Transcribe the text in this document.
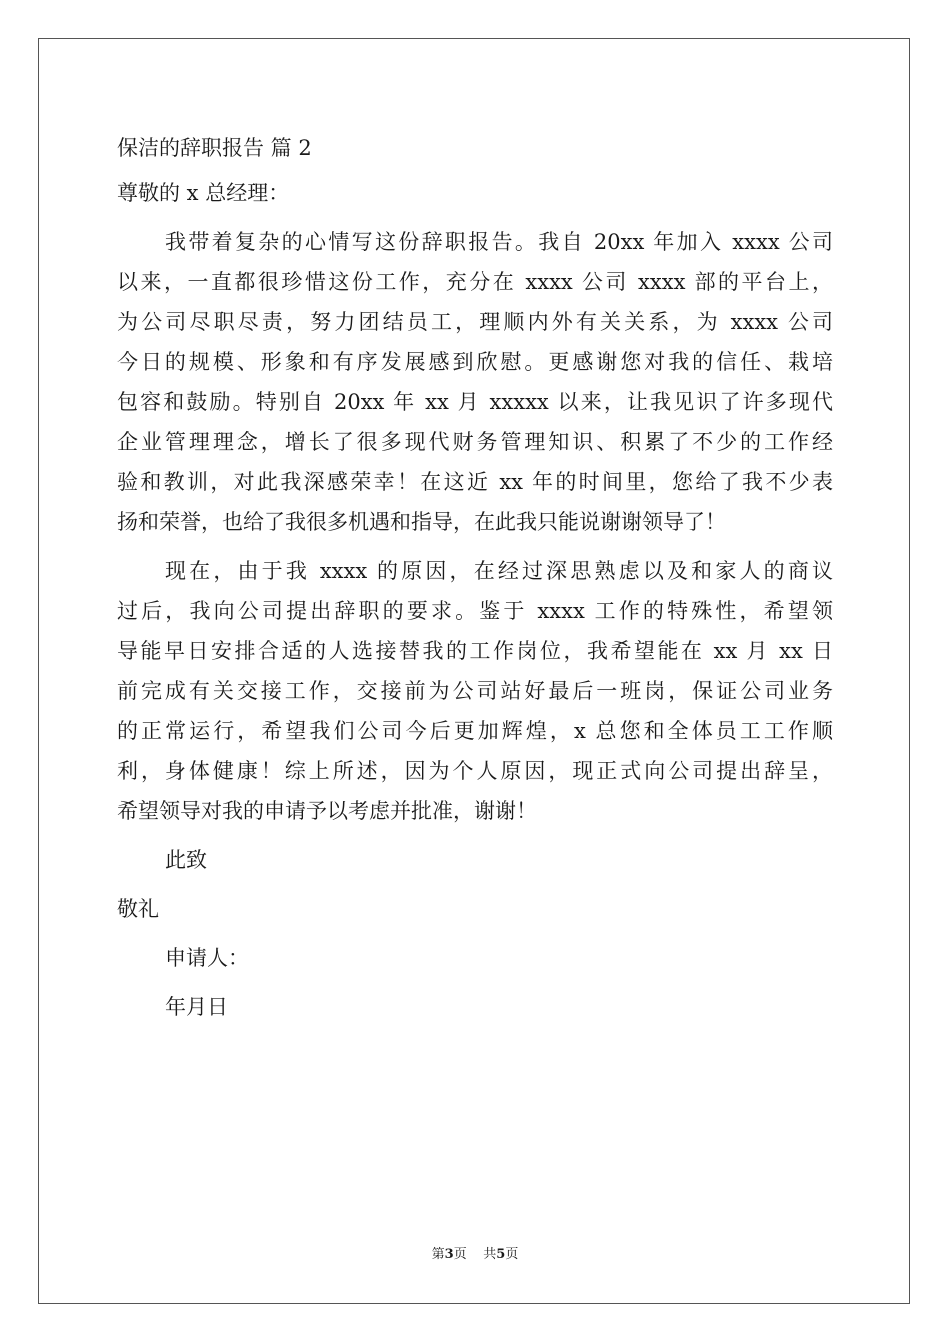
保洁的辞职报告 篇 2
尊敬的 x 总经理：
我带着复杂的心情写这份辞职报告。我自 20xx 年加入 xxxx 公司
以来，一直都很珍惜这份工作，充分在 xxxx 公司 xxxx 部的平台上，
为公司尽职尽责，努力团结员工，理顺内外有关关系，为 xxxx 公司
今日的规模、形象和有序发展感到欣慰。更感谢您对我的信任、栽培
包容和鼓励。特别自 20xx 年 xx 月 xxxxx 以来，让我见识了许多现代
企业管理理念，增长了很多现代财务管理知识、积累了不少的工作经
验和教训，对此我深感荣幸！在这近 xx 年的时间里，您给了我不少表
扬和荣誉，也给了我很多机遇和指导，在此我只能说谢谢领导了！
现在，由于我 xxxx 的原因，在经过深思熟虑以及和家人的商议
过后，我向公司提出辞职的要求。鉴于 xxxx 工作的特殊性，希望领
导能早日安排合适的人选接替我的工作岗位，我希望能在 xx 月 xx 日
前完成有关交接工作，交接前为公司站好最后一班岗，保证公司业务
的正常运行，希望我们公司今后更加辉煌，x 总您和全体员工工作顺
利，身体健康！综上所述，因为个人原因，现正式向公司提出辞呈，
希望领导对我的申请予以考虑并批准，谢谢！
此致
敬礼
申请人：
年月日
第3页 共5页
